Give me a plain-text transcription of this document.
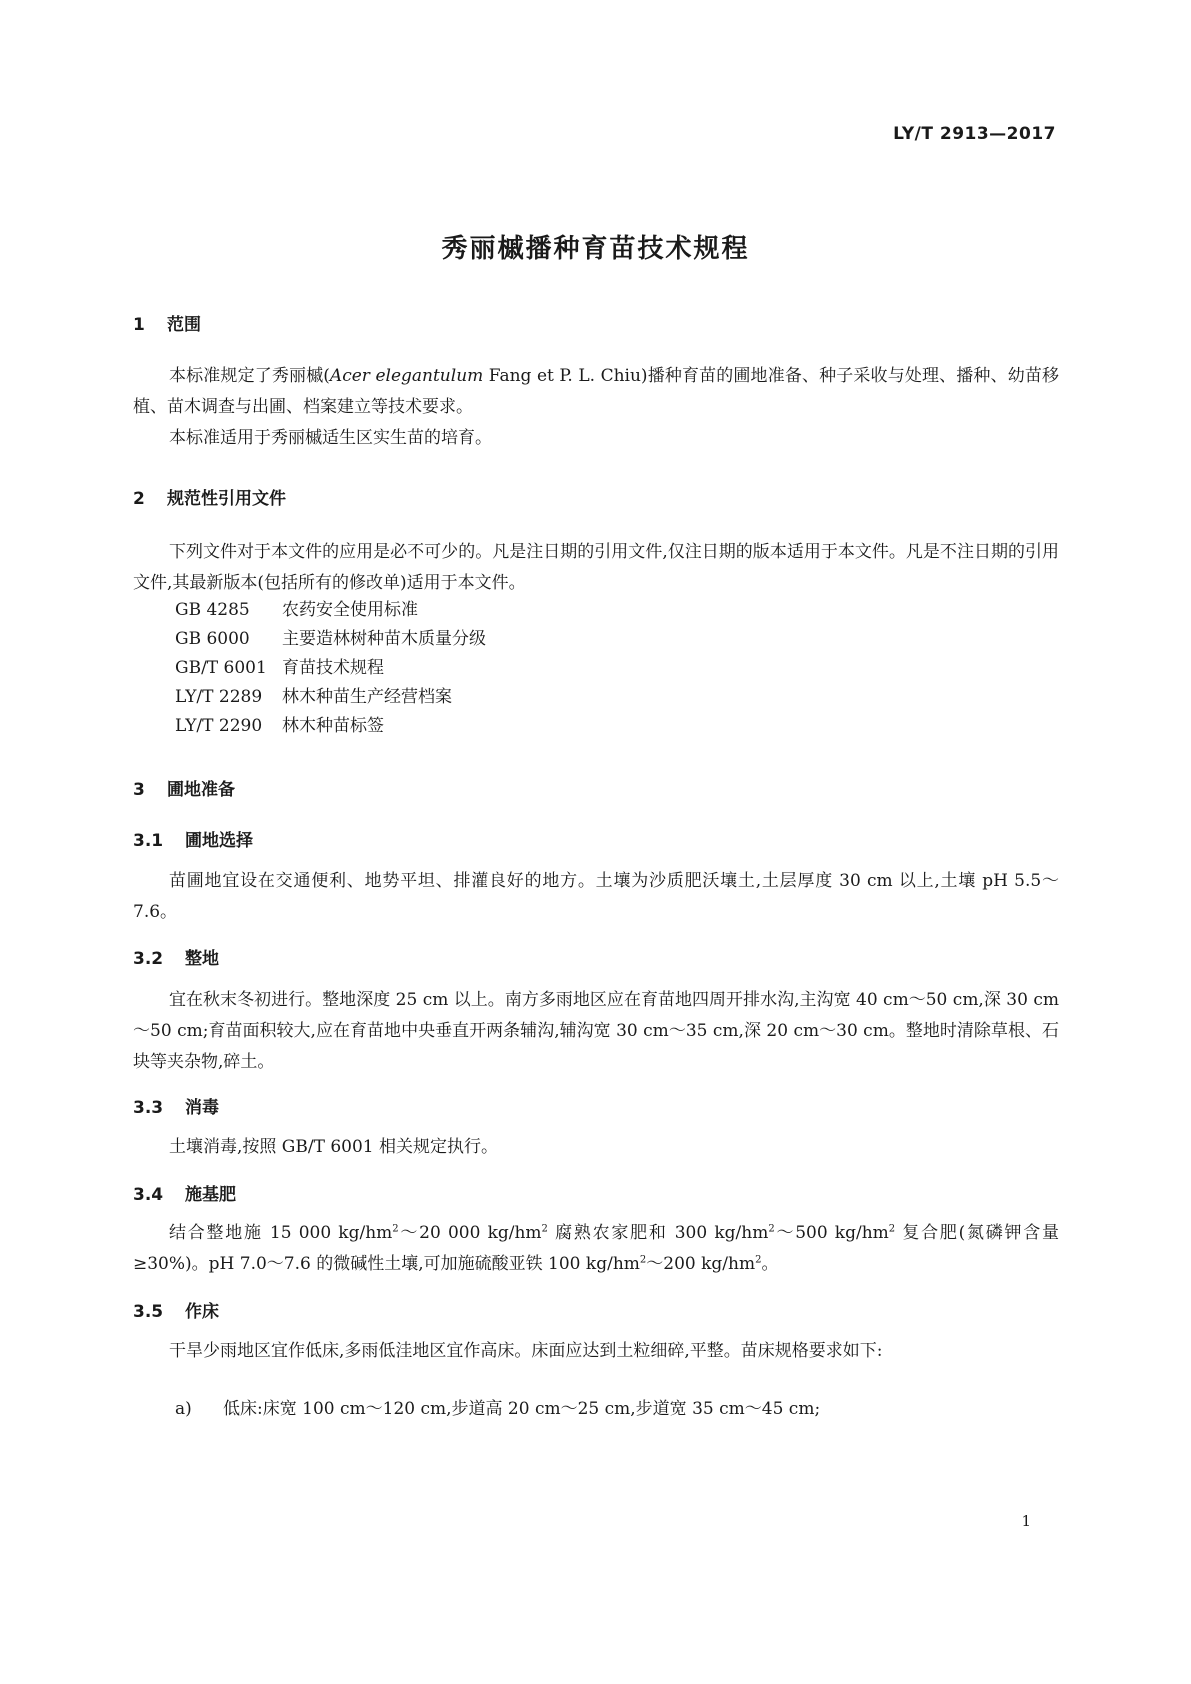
LY/T 2913—2017
秀丽槭播种育苗技术规程
1 范围

本标准规定了秀丽槭(Acer elegantulum Fang et P. L. Chiu)播种育苗的圃地准备、种子采收与处理、播种、幼苗移植、苗木调查与出圃、档案建立等技术要求。

本标准适用于秀丽槭适生区实生苗的培育。

2 规范性引用文件

下列文件对于本文件的应用是必不可少的。凡是注日期的引用文件,仅注日期的版本适用于本文件。凡是不注日期的引用文件,其最新版本(包括所有的修改单)适用于本文件。

GB 4285 农药安全使用标准

GB 6000 主要造林树种苗木质量分级

GB/T 6001 育苗技术规程

LY/T 2289 林木种苗生产经营档案

LY/T 2290 林木种苗标签

3 圃地准备
3.1 圃地选择

苗圃地宜设在交通便利、地势平坦、排灌良好的地方。土壤为沙质肥沃壤土,土层厚度 30 cm 以上,土壤 pH 5.5～7.6。

3.2 整地

宜在秋末冬初进行。整地深度 25 cm 以上。南方多雨地区应在育苗地四周开排水沟,主沟宽 40 cm～50 cm,深 30 cm～50 cm;育苗面积较大,应在育苗地中央垂直开两条辅沟,辅沟宽 30 cm～35 cm,深 20 cm～30 cm。整地时清除草根、石块等夹杂物,碎土。

3.3 消毒

土壤消毒,按照 GB/T 6001 相关规定执行。

3.4 施基肥

结合整地施 15 000 $kg/hm^2\sim 20$ 000 $kg/hm^2$ 腐熟农家肥和 300 $kg/hm^2\sim 500$ $kg/hm^2$ 复合肥(氮磷钾含量≥30%)。pH 7.0～7.6 的微碱性土壤,可加施硫酸亚铁 100 $kg/hm^2\sim 200$ $kg/hm^2$。

3.5 作床

干旱少雨地区宜作低床,多雨低洼地区宜作高床。床面应达到土粒细碎,平整。苗床规格要求如下:

a) 低床:床宽 100 cm～120 cm,步道高 20 cm～25 cm,步道宽 35 cm～45 cm;

1
